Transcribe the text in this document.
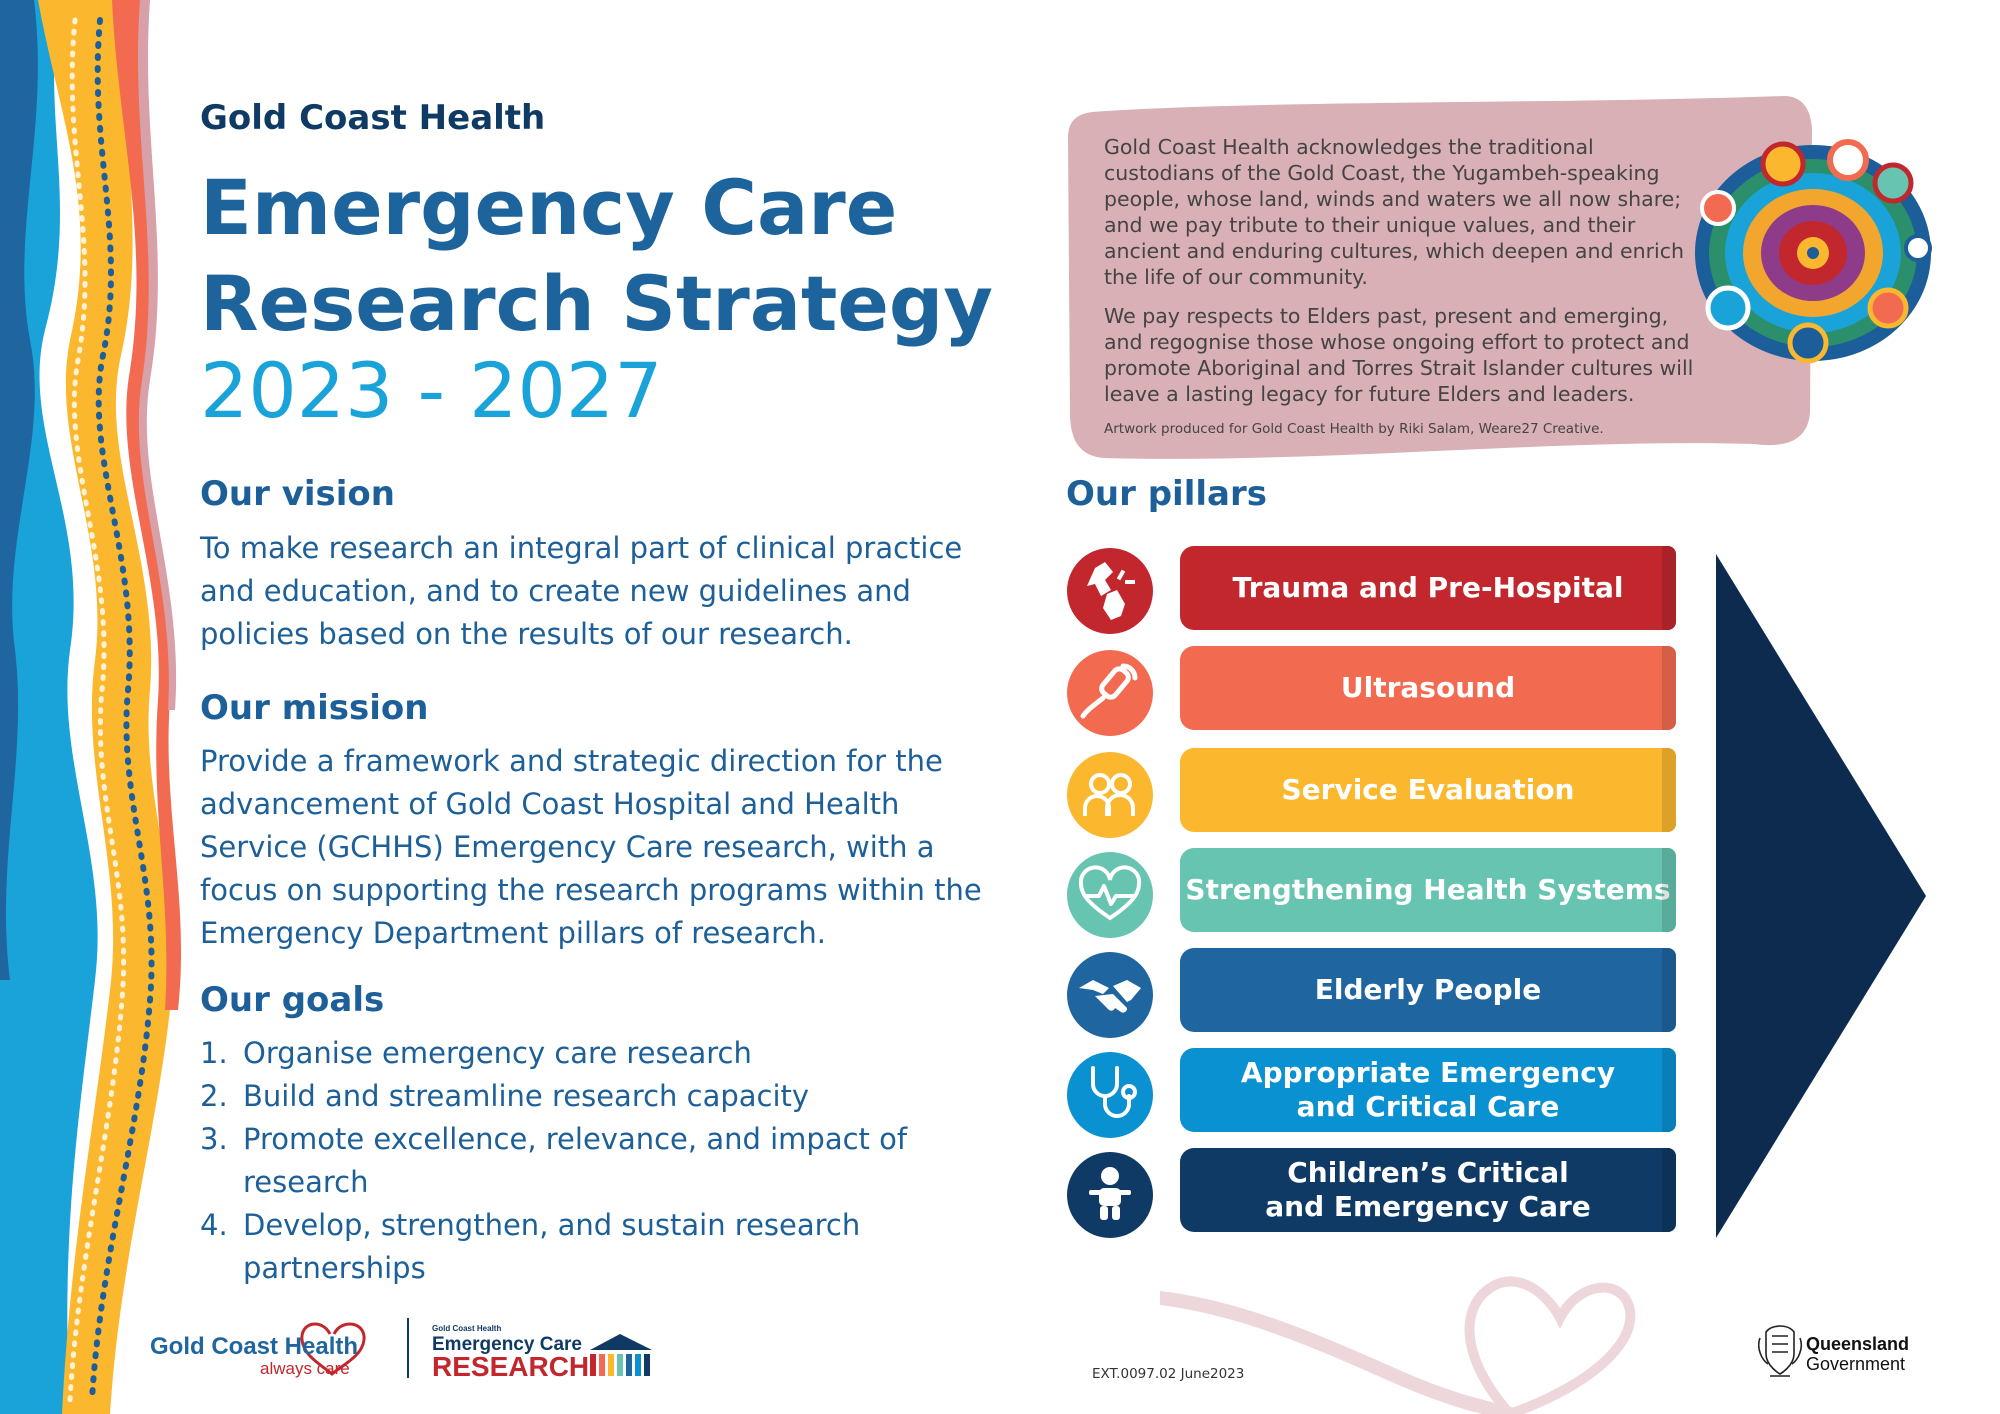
Gold Coast Health
Emergency Care
Research Strategy
2023 - 2027
Our vision
To make research an integral part of clinical practice and education, and to create new guidelines and policies based on the results of our research.
Our mission
Provide a framework and strategic direction for the advancement of Gold Coast Hospital and Health Service (GCHHS) Emergency Care research, with a focus on supporting the research programs within the Emergency Department pillars of research.
Our goals
1. Organise emergency care research
2. Build and streamline research capacity
3. Promote excellence, relevance, and impact of research
4. Develop, strengthen, and sustain research partnerships

Gold Coast Health acknowledges the traditional custodians of the Gold Coast, the Yugambeh-speaking people, whose land, winds and waters we all now share; and we pay tribute to their unique values, and their ancient and enduring cultures, which deepen and enrich the life of our community.

We pay respects to Elders past, present and emerging, and regognise those whose ongoing effort to protect and promote Aboriginal and Torres Strait Islander cultures will leave a lasting legacy for future Elders and leaders.

Artwork produced for Gold Coast Health by Riki Salam, Weare27 Creative.
Our pillars
Trauma and Pre-Hospital
Ultrasound
Service Evaluation
Strengthening Health Systems
Elderly People
Appropriate Emergency and Critical Care
Children’s Critical and Emergency Care
Gold Coast Health
always care
Gold Coast Health
Emergency Care
RESEARCH	EXT.0097.02 June2023
Queensland
Government
